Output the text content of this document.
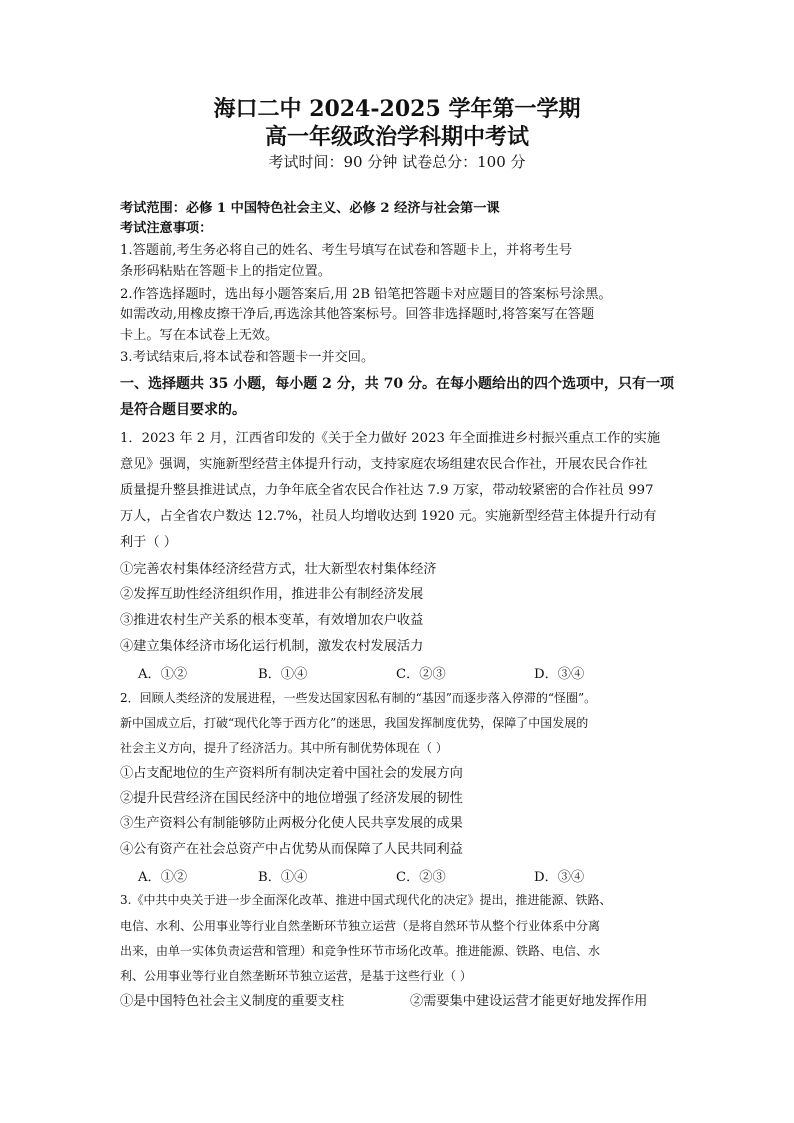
海口二中 2024-2025 学年第一学期
高一年级政治学科期中考试
考试时间：90 分钟 试卷总分：100 分
考试范围：必修 1 中国特色社会主义、必修 2 经济与社会第一课
考试注意事项：
1.答题前,考生务必将自己的姓名、考生号填写在试卷和答题卡上，并将考生号
条形码粘贴在答题卡上的指定位置。
2.作答选择题时，选出每小题答案后,用 2B 铅笔把答题卡对应题目的答案标号涂黑。
如需改动,用橡皮擦干净后,再选涂其他答案标号。回答非选择题时,将答案写在答题
卡上。写在本试卷上无效。
3.考试结束后,将本试卷和答题卡一并交回。
一、选择题共 35 小题，每小题 2 分，共 70 分。在每小题给出的四个选项中，只有一项
是符合题目要求的。
1．2023 年 2 月，江西省印发的《关于全力做好 2023 年全面推进乡村振兴重点工作的实施
意见》强调，实施新型经营主体提升行动，支持家庭农场组建农民合作社，开展农民合作社
质量提升整县推进试点，力争年底全省农民合作社达 7.9 万家，带动较紧密的合作社员 997
万人，占全省农户数达 12.7%，社员人均增收达到 1920 元。实施新型经营主体提升行动有
利于（ ）
①完善农村集体经济经营方式，壮大新型农村集体经济
②发挥互助性经济组织作用，推进非公有制经济发展
③推进农村生产关系的根本变革，有效增加农户收益
④建立集体经济市场化运行机制，激发农村发展活力
A．①②	B．①④	C．②③	D．③④
2．回顾人类经济的发展进程，一些发达国家因私有制的“基因”而逐步落入停滞的“怪圈”。
新中国成立后，打破“现代化等于西方化”的迷思，我国发挥制度优势，保障了中国发展的
社会主义方向，提升了经济活力。其中所有制优势体现在（ ）
①占支配地位的生产资料所有制决定着中国社会的发展方向
②提升民营经济在国民经济中的地位增强了经济发展的韧性
③生产资料公有制能够防止两极分化使人民共享发展的成果
④公有资产在社会总资产中占优势从而保障了人民共同利益
A．①②	B．①④	C．②③	D．③④
3.《中共中央关于进一步全面深化改革、推进中国式现代化的决定》提出，推进能源、铁路、
电信、水利、公用事业等行业自然垄断环节独立运营（是将自然环节从整个行业体系中分离
出来，由单一实体负责运营和管理）和竞争性环节市场化改革。推进能源、铁路、电信、水
利、公用事业等行业自然垄断环节独立运营，是基于这些行业（ ）
①是中国特色社会主义制度的重要支柱	②需要集中建设运营才能更好地发挥作用
